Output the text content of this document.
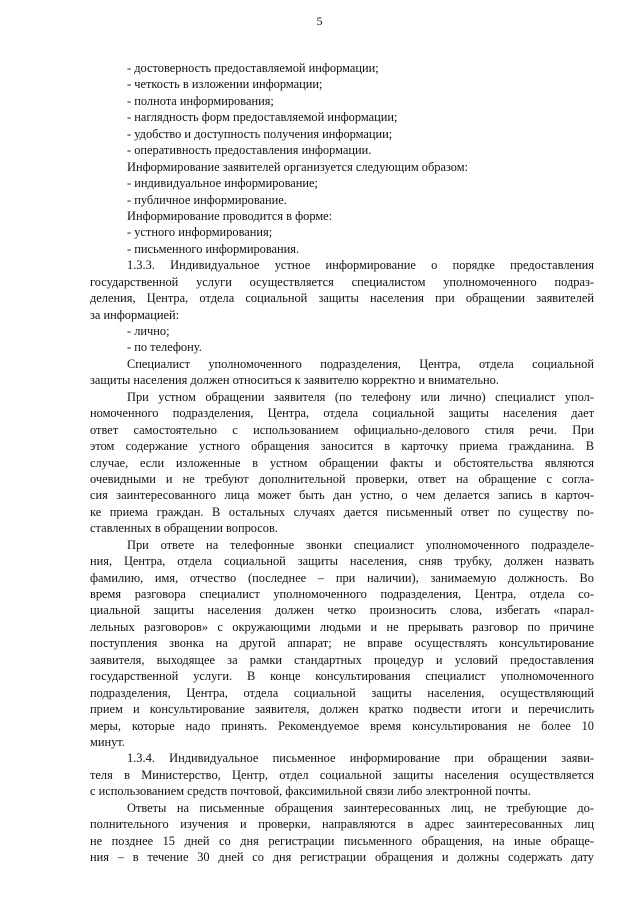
5
- достоверность предоставляемой информации;
- четкость в изложении информации;
- полнота информирования;
- наглядность форм предоставляемой информации;
- удобство и доступность получения информации;
- оперативность предоставления информации.
Информирование заявителей организуется следующим образом:
- индивидуальное информирование;
- публичное информирование.
Информирование проводится в форме:
- устного информирования;
- письменного информирования.
1.3.3. Индивидуальное устное информирование о порядке предоставления
государственной услуги осуществляется специалистом уполномоченного подраз-
деления, Центра, отдела социальной защиты населения при обращении заявителей
за информацией:
- лично;
- по телефону.
Специалист уполномоченного подразделения, Центра, отдела социальной
защиты населения должен относиться к заявителю корректно и внимательно.
При устном обращении заявителя (по телефону или лично) специалист упол-
номоченного подразделения, Центра, отдела социальной защиты населения дает
ответ самостоятельно с использованием официально-делового стиля речи. При
этом содержание устного обращения заносится в карточку приема гражданина. В
случае, если изложенные в устном обращении факты и обстоятельства являются
очевидными и не требуют дополнительной проверки, ответ на обращение с согла-
сия заинтересованного лица может быть дан устно, о чем делается запись в карточ-
ке приема граждан. В остальных случаях дается письменный ответ по существу по-
ставленных в обращении вопросов.
При ответе на телефонные звонки специалист уполномоченного подразделе-
ния, Центра, отдела социальной защиты населения, сняв трубку, должен назвать
фамилию, имя, отчество (последнее – при наличии), занимаемую должность. Во
время разговора специалист уполномоченного подразделения, Центра, отдела со-
циальной защиты населения должен четко произносить слова, избегать «парал-
лельных разговоров» с окружающими людьми и не прерывать разговор по причине
поступления звонка на другой аппарат; не вправе осуществлять консультирование
заявителя, выходящее за рамки стандартных процедур и условий предоставления
государственной услуги. В конце консультирования специалист уполномоченного
подразделения, Центра, отдела социальной защиты населения, осуществляющий
прием и консультирование заявителя, должен кратко подвести итоги и перечислить
меры, которые надо принять. Рекомендуемое время консультирования не более 10
минут.
1.3.4. Индивидуальное письменное информирование при обращении заяви-
теля в Министерство, Центр, отдел социальной защиты населения осуществляется
с использованием средств почтовой, факсимильной связи либо электронной почты.
Ответы на письменные обращения заинтересованных лиц, не требующие до-
полнительного изучения и проверки, направляются в адрес заинтересованных лиц
не позднее 15 дней со дня регистрации письменного обращения, на иные обраще-
ния – в течение 30 дней со дня регистрации обращения и должны содержать дату
